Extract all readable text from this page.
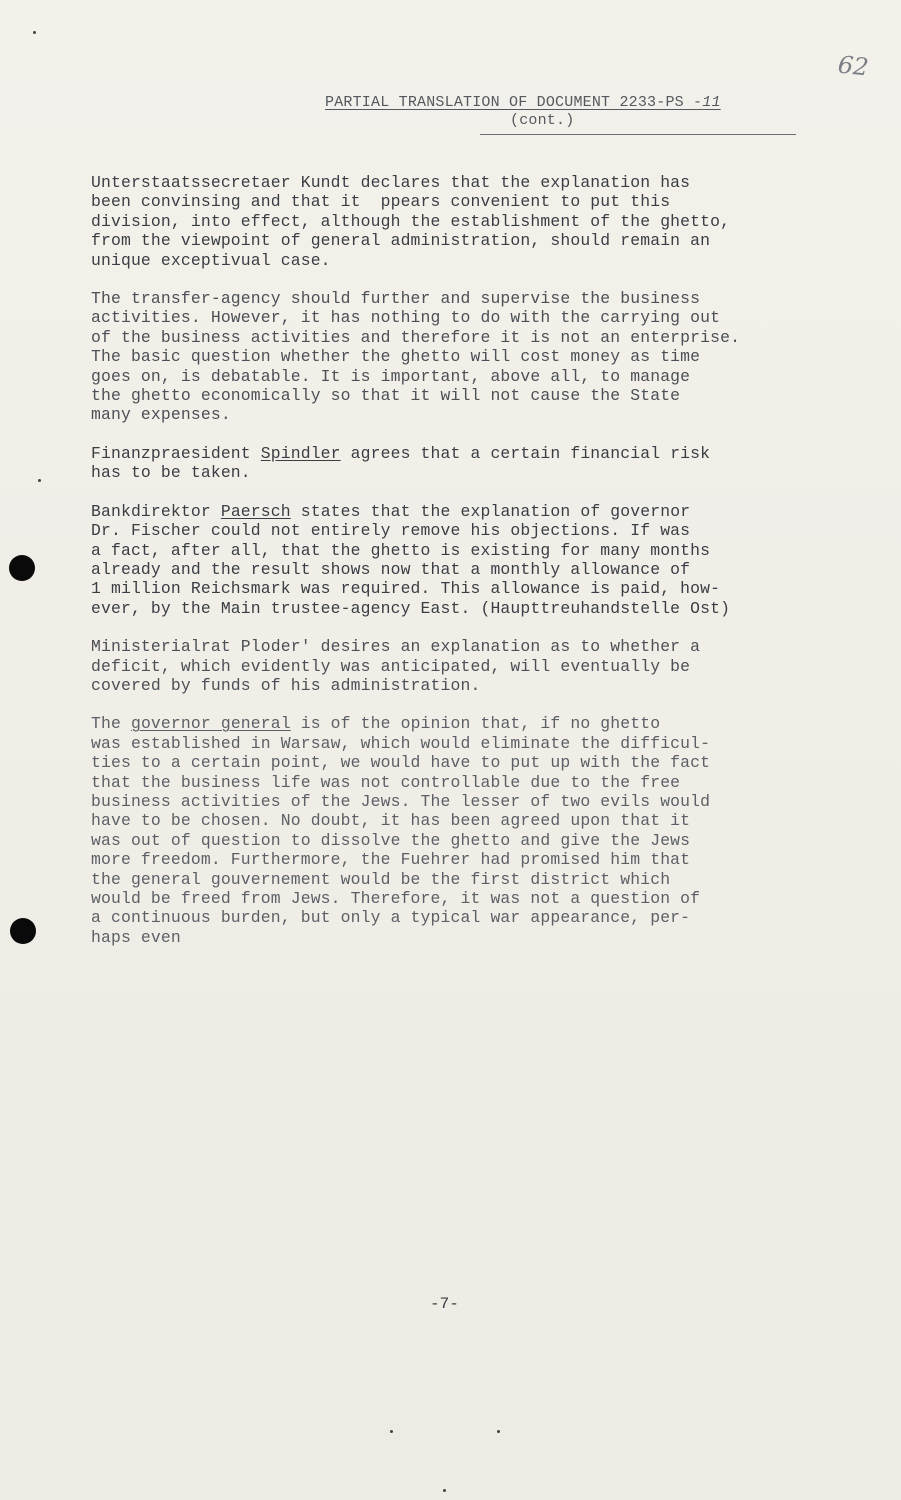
62
PARTIAL TRANSLATION OF DOCUMENT 2233-PS -11
(cont.)
Unterstaatssecretaer Kundt declares that the explanation has
been convinsing and that it  ppears convenient to put this
division, into effect, although the establishment of the ghetto,
from the viewpoint of general administration, should remain an
unique exceptivual case.
The transfer-agency should further and supervise the business
activities. However, it has nothing to do with the carrying out
of the business activities and therefore it is not an enterprise.
The basic question whether the ghetto will cost money as time
goes on, is debatable. It is important, above all, to manage
the ghetto economically so that it will not cause the State
many expenses.
Finanzpraesident Spindler agrees that a certain financial risk
has to be taken.
Bankdirektor Paersch states that the explanation of governor
Dr. Fischer could not entirely remove his objections. If was
a fact, after all, that the ghetto is existing for many months
already and the result shows now that a monthly allowance of
1 million Reichsmark was required. This allowance is paid, how-
ever, by the Main trustee-agency East. (Haupttreuhandstelle Ost)
Ministerialrat Ploder' desires an explanation as to whether a
deficit, which evidently was anticipated, will eventually be
covered by funds of his administration.
The governor general is of the opinion that, if no ghetto
was established in Warsaw, which would eliminate the difficul-
ties to a certain point, we would have to put up with the fact
that the business life was not controllable due to the free
business activities of the Jews. The lesser of two evils would
have to be chosen. No doubt, it has been agreed upon that it
was out of question to dissolve the ghetto and give the Jews
more freedom. Furthermore, the Fuehrer had promised him that
the general gouvernement would be the first district which
would be freed from Jews. Therefore, it was not a question of
a continuous burden, but only a typical war appearance, per-
haps even
-7-
